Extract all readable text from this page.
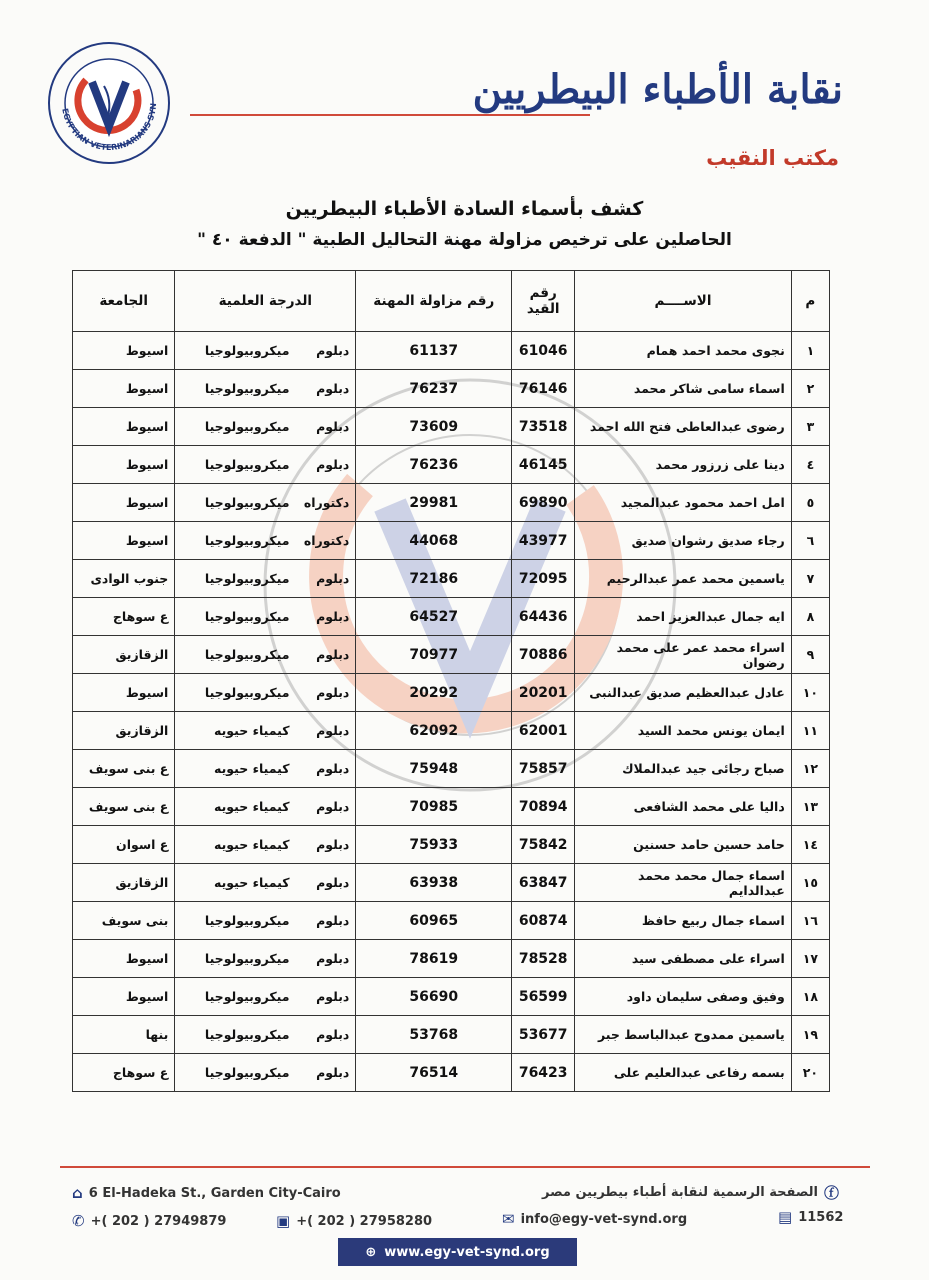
EGYPTIAN VETERINARIANS SYN	نقابة الأطباء البيطريين
مكتب النقيب
كشف بأسماء السادة الأطباء البيطريين
الحاصلين على ترخيص مزاولة مهنة التحاليل الطبية " الدفعة ٤٠ "
م	الاســــم	رقم القيد	رقم مزاولة المهنة	الدرجة العلمية		الجامعة
١	نجوى محمد احمد همام	61046	61137	دبلوم	ميكروبيولوجيا	اسيوط
٢	اسماء سامى شاكر محمد	76146	76237	دبلوم	ميكروبيولوجيا	اسيوط
٣	رضوى عبدالعاطى فتح الله احمد	73518	73609	دبلوم	ميكروبيولوجيا	اسيوط
٤	دينا على زرزور محمد	46145	76236	دبلوم	ميكروبيولوجيا	اسيوط
٥	امل احمد محمود عبدالمجيد	69890	29981	دكتوراه	ميكروبيولوجيا	اسيوط
٦	رجاء صديق رشوان صديق	43977	44068	دكتوراه	ميكروبيولوجيا	اسيوط
٧	ياسمين محمد عمر عبدالرحيم	72095	72186	دبلوم	ميكروبيولوجيا	جنوب الوادى
٨	ايه جمال عبدالعزيز احمد	64436	64527	دبلوم	ميكروبيولوجيا	ع سوهاج
٩	اسراء محمد عمر على محمد رضوان	70886	70977	دبلوم	ميكروبيولوجيا	الزقازيق
١٠	عادل عبدالعظيم صديق عبدالنبى	20201	20292	دبلوم	ميكروبيولوجيا	اسيوط
١١	ايمان يونس محمد السيد	62001	62092	دبلوم	كيمياء حيويه	الزقازيق
١٢	صباح رجائى جيد عبدالملاك	75857	75948	دبلوم	كيمياء حيويه	ع بنى سويف
١٣	داليا على محمد الشافعى	70894	70985	دبلوم	كيمياء حيويه	ع بنى سويف
١٤	حامد حسين حامد حسنين	75842	75933	دبلوم	كيمياء حيويه	ع اسوان
١٥	اسماء جمال محمد محمد عبدالدايم	63847	63938	دبلوم	كيمياء حيويه	الزقازيق
١٦	اسماء جمال ربيع حافظ	60874	60965	دبلوم	ميكروبيولوجيا	بنى سويف
١٧	اسراء على مصطفى سيد	78528	78619	دبلوم	ميكروبيولوجيا	اسيوط
١٨	وفيق وصفى سليمان داود	56599	56690	دبلوم	ميكروبيولوجيا	اسيوط
١٩	ياسمين ممدوح عبدالباسط جبر	53677	53768	دبلوم	ميكروبيولوجيا	بنها
٢٠	بسمه رفاعى عبدالعليم على	76423	76514	دبلوم	ميكروبيولوجيا	ع سوهاج
⌂ 6 El-Hadeka St., Garden City-Cairo	ⓕ
الصفحة الرسمية لنقابة أطباء بيطريين مصر
✆ +( 202 ) 27949879	▣ +( 202 ) 27958280	✉ info@egy-vet-synd.org	▤ 11562
⊕ www.egy-vet-synd.org
